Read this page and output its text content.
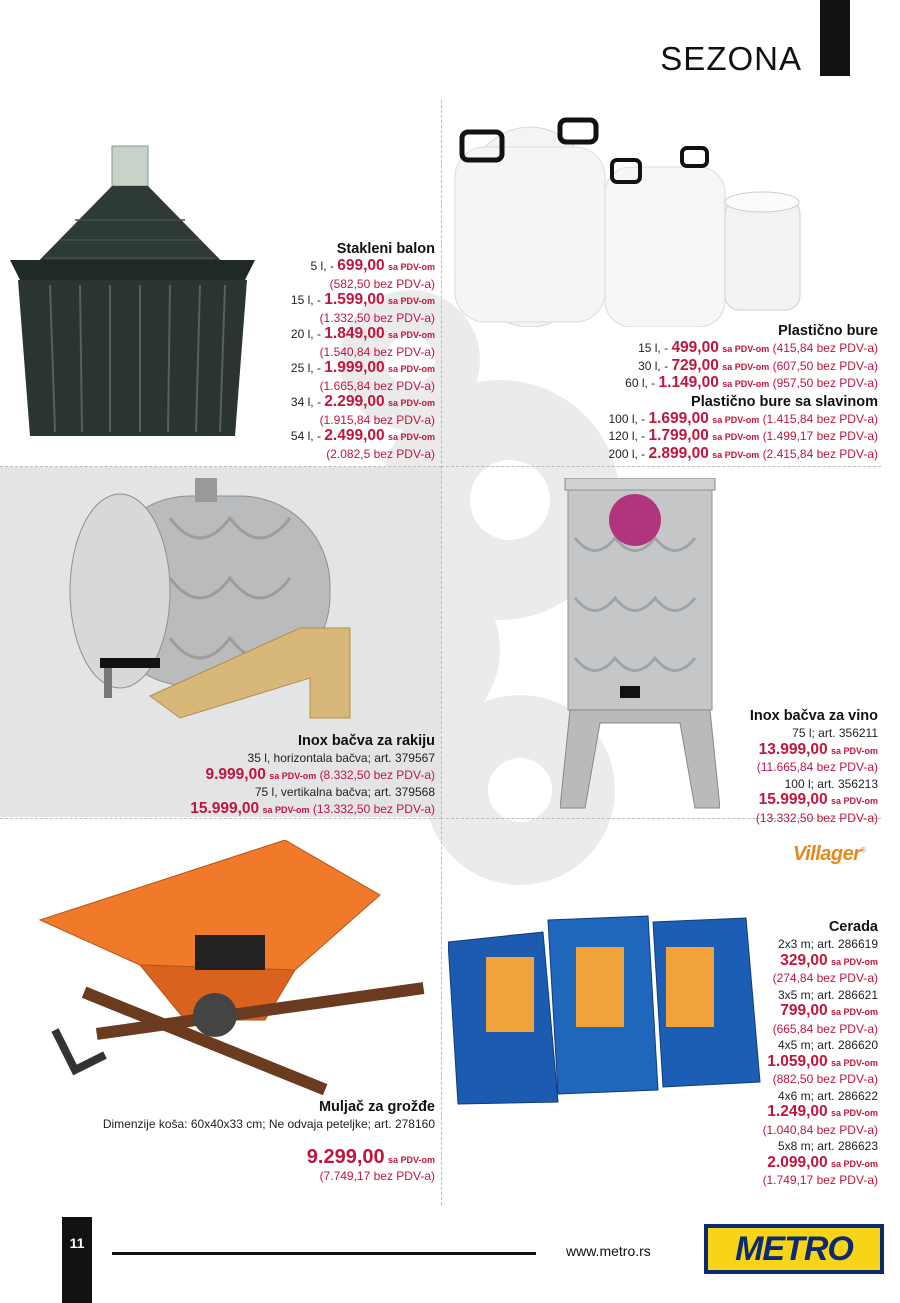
SEZONA
Stakleni balon
5 l, - 699,00 sa PDV-om
(582,50 bez PDV-a)
15 l, - 1.599,00 sa PDV-om
(1.332,50 bez PDV-a)
20 l, - 1.849,00 sa PDV-om
(1.540,84 bez PDV-a)
25 l, - 1.999,00 sa PDV-om
(1.665,84 bez PDV-a)
34 l, - 2.299,00 sa PDV-om
(1.915,84 bez PDV-a)
54 l, - 2.499,00 sa PDV-om
(2.082,5 bez PDV-a)
Plastično bure
15 l, - 499,00 sa PDV-om (415,84 bez PDV-a)
30 l, - 729,00 sa PDV-om (607,50 bez PDV-a)
60 l, - 1.149,00 sa PDV-om (957,50 bez PDV-a)
Plastično bure sa slavinom
100 l, - 1.699,00 sa PDV-om (1.415,84 bez PDV-a)
120 l, - 1.799,00 sa PDV-om (1.499,17 bez PDV-a)
200 l, - 2.899,00 sa PDV-om (2.415,84 bez PDV-a)
Inox bačva za rakiju
35 l, horizontala bačva; art. 379567
9.999,00 sa PDV-om (8.332,50 bez PDV-a)
75 l, vertikalna bačva; art. 379568
15.999,00 sa PDV-om (13.332,50 bez PDV-a)
Inox bačva za vino
75 l; art. 356211
13.999,00 sa PDV-om
(11.665,84 bez PDV-a)
100 l; art. 356213
15.999,00 sa PDV-om
(13.332,50 bez PDV-a)
Muljač za grožđe
Dimenzije koša: 60x40x33 cm; Ne odvaja peteljke; art. 278160
9.299,00 sa PDV-om
(7.749,17 bez PDV-a)
Villager®
Cerada
2x3 m; art. 286619
329,00 sa PDV-om
(274,84 bez PDV-a)
3x5 m; art. 286621
799,00 sa PDV-om
(665,84 bez PDV-a)
4x5 m; art. 286620
1.059,00 sa PDV-om
(882,50 bez PDV-a)
4x6 m; art. 286622
1.249,00 sa PDV-om
(1.040,84 bez PDV-a)
5x8 m; art. 286623
2.099,00 sa PDV-om
(1.749,17 bez PDV-a)
11	www.metro.rs	METRO
